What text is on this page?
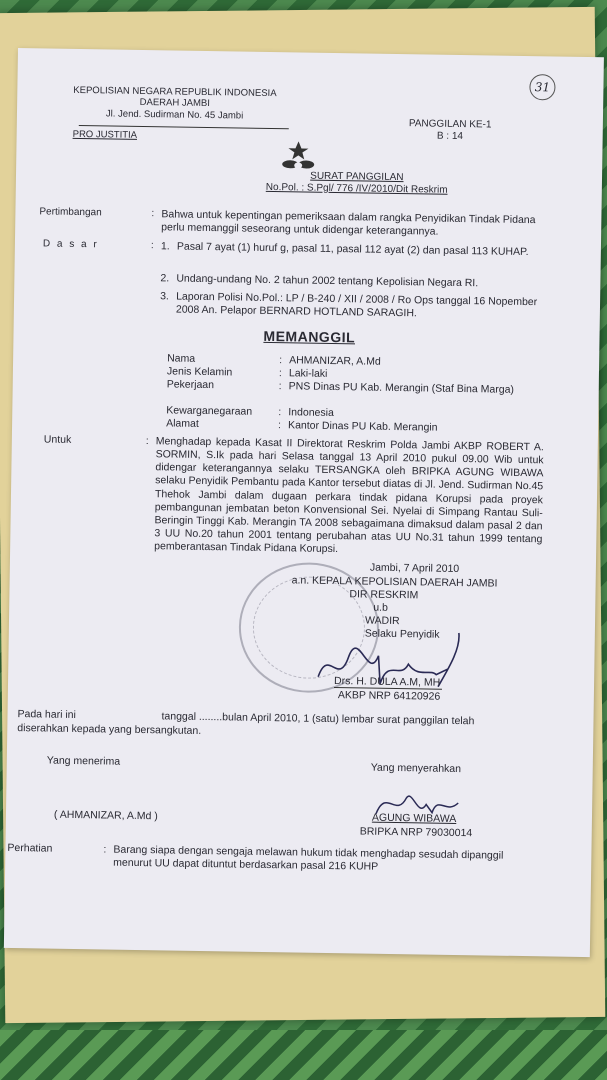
KEPOLISIAN NEGARA REPUBLIK INDONESIA
DAERAH JAMBI
Jl. Jend. Sudirman No. 45 Jambi
PRO JUSTITIA
31
PANGGILAN KE-1
B : 14
SURAT PANGGILAN
No.Pol. : S.Pgl/ 776 /IV/2010/Dit Reskrim
Pertimbangan	: Bahwa untuk kepentingan pemeriksaan dalam rangka Penyidikan Tindak Pidana perlu memanggil seseorang untuk didengar keterangannya.
D a s a r	: 1. Pasal 7 ayat (1) huruf g, pasal 11, pasal 112 ayat (2) dan pasal 113 KUHAP.
2. Undang-undang No. 2 tahun 2002 tentang Kepolisian Negara RI.
3. Laporan Polisi No.Pol.: LP / B-240 / XII / 2008 / Ro Ops tanggal 16 Nopember 2008 An. Pelapor BERNARD HOTLAND SARAGIH.
MEMANGGIL
Nama	: AHMANIZAR, A.Md
Jenis Kelamin	: Laki-laki
Pekerjaan	: PNS Dinas PU Kab. Merangin (Staf Bina Marga)
Kewarganegaraan : Indonesia
Alamat	: Kantor Dinas PU Kab. Merangin
Untuk	: Menghadap kepada Kasat II Direktorat Reskrim Polda Jambi AKBP ROBERT A. SORMIN, S.Ik pada hari Selasa tanggal 13 April 2010 pukul 09.00 Wib untuk didengar keterangannya selaku TERSANGKA oleh BRIPKA AGUNG WIBAWA selaku Penyidik Pembantu pada Kantor tersebut diatas di Jl. Jend. Sudirman No.45 Thehok Jambi dalam dugaan perkara tindak pidana Korupsi pada proyek pembangunan jembatan beton Konvensional Sei. Nyelai di Simpang Rantau Suli-Beringin Tinggi Kab. Merangin TA 2008 sebagaimana dimaksud dalam pasal 2 dan 3 UU No.20 tahun 2001 tentang perubahan atas UU No.31 tahun 1999 tentang pemberantasan Tindak Pidana Korupsi.
Jambi, 7 April 2010
a.n. KEPALA KEPOLISIAN DAERAH JAMBI
DIR RESKRIM
u.b
WADIR
Selaku Penyidik
Drs. H. DULA A.M, MH
AKBP NRP 64120926
Pada hari ini	tanggal ........bulan April 2010, 1 (satu) lembar surat panggilan telah
diserahkan kepada yang bersangkutan.
Yang menerima
Yang menyerahkan
( AHMANIZAR, A.Md )	AGUNG WIBAWA
BRIPKA NRP 79030014
Perhatian	: Barang siapa dengan sengaja melawan hukum tidak menghadap sesudah dipanggil menurut UU dapat dituntut berdasarkan pasal 216 KUHP
